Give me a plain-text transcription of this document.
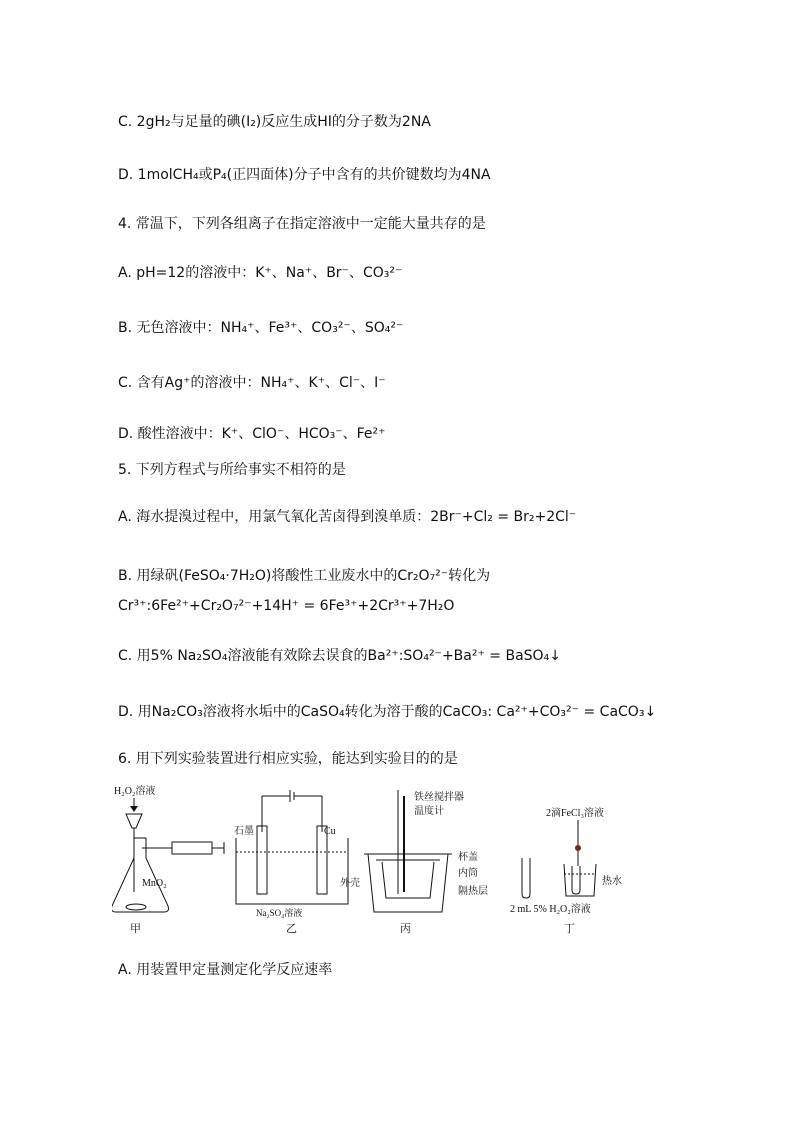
C. 2gH₂与足量的碘(I₂)反应生成HI的分子数为2NA
D. 1molCH₄或P₄(正四面体)分子中含有的共价键数均为4NA
4. 常温下，下列各组离子在指定溶液中一定能大量共存的是
A. pH=12的溶液中：K⁺、Na⁺、Br⁻、CO₃²⁻
B. 无色溶液中：NH₄⁺、Fe³⁺、CO₃²⁻、SO₄²⁻
C. 含有Ag⁺的溶液中：NH₄⁺、K⁺、Cl⁻、I⁻
D. 酸性溶液中：K⁺、ClO⁻、HCO₃⁻、Fe²⁺
5. 下列方程式与所给事实不相符的是
A. 海水提溴过程中，用氯气氧化苦卤得到溴单质：2Br⁻+Cl₂ = Br₂+2Cl⁻
B. 用绿矾(FeSO₄·7H₂O)将酸性工业废水中的Cr₂O₇²⁻转化为
Cr³⁺:6Fe²⁺+Cr₂O₇²⁻+14H⁺ = 6Fe³⁺+2Cr³⁺+7H₂O
C. 用5% Na₂SO₄溶液能有效除去误食的Ba²⁺:SO₄²⁻+Ba²⁺ = BaSO₄↓
D. 用Na₂CO₃溶液将水垢中的CaSO₄转化为溶于酸的CaCO₃: Ca²⁺+CO₃²⁻ = CaCO₃↓
6. 用下列实验装置进行相应实验，能达到实验目的的是
H₂O₂溶液
MnO₂
甲
石墨	Cu
Na₂SO₄溶液
乙
铁丝搅拌器
温度计
杯盖
内筒
隔热层
外壳
丙
2滴FeCl₃溶液
热水
2 mL 5% H₂O₂溶液
丁
A. 用装置甲定量测定化学反应速率
